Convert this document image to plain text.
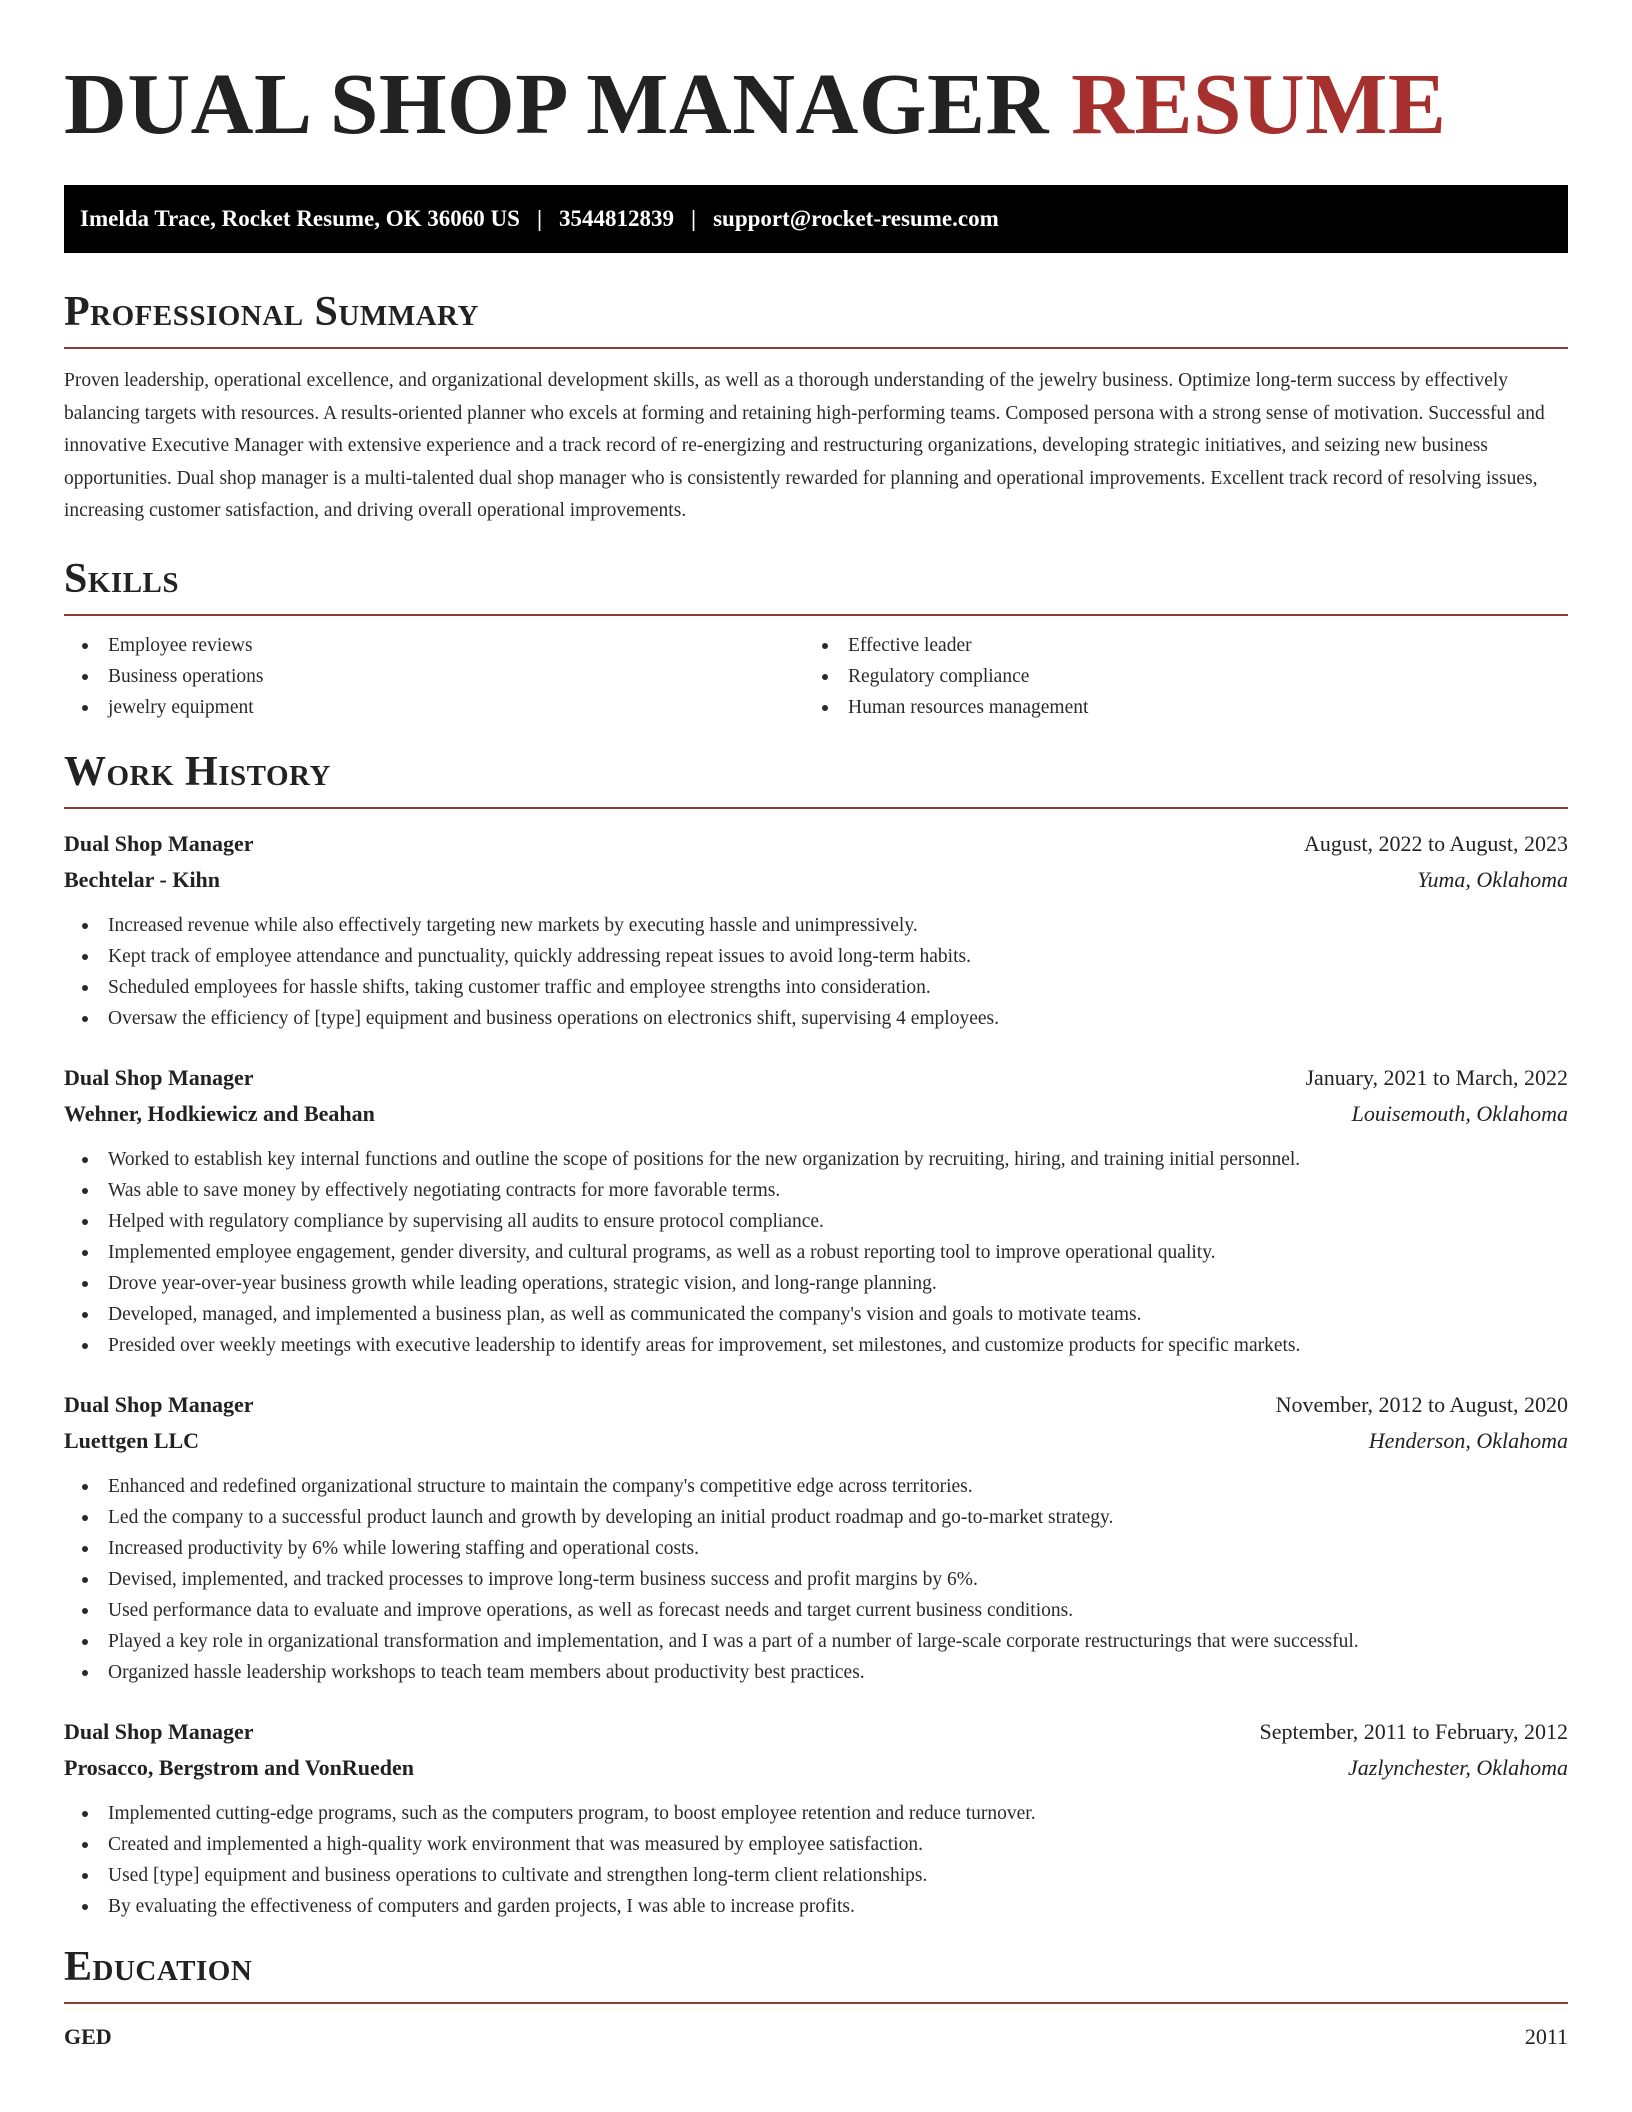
DUAL SHOP MANAGER RESUME
Imelda Trace, Rocket Resume, OK 36060 US | 3544812839 | support@rocket-resume.com
Professional Summary

Proven leadership, operational excellence, and organizational development skills, as well as a thorough understanding of the jewelry business. Optimize long-term success by effectively balancing targets with resources. A results-oriented planner who excels at forming and retaining high-performing teams. Composed persona with a strong sense of motivation. Successful and innovative Executive Manager with extensive experience and a track record of re-energizing and restructuring organizations, developing strategic initiatives, and seizing new business opportunities. Dual shop manager is a multi-talented dual shop manager who is consistently rewarded for planning and operational improvements. Excellent track record of resolving issues, increasing customer satisfaction, and driving overall operational improvements.

Skills
Employee reviews
Business operations
jewelry equipment
Effective leader
Regulatory compliance
Human resources management
Work History
Dual Shop Manager	August, 2022 to August, 2023
Bechtelar - Kihn	Yuma, Oklahoma
Increased revenue while also effectively targeting new markets by executing hassle and unimpressively.
Kept track of employee attendance and punctuality, quickly addressing repeat issues to avoid long-term habits.
Scheduled employees for hassle shifts, taking customer traffic and employee strengths into consideration.
Oversaw the efficiency of [type] equipment and business operations on electronics shift, supervising 4 employees.
Dual Shop Manager	January, 2021 to March, 2022
Wehner, Hodkiewicz and Beahan	Louisemouth, Oklahoma
Worked to establish key internal functions and outline the scope of positions for the new organization by recruiting, hiring, and training initial personnel.
Was able to save money by effectively negotiating contracts for more favorable terms.
Helped with regulatory compliance by supervising all audits to ensure protocol compliance.
Implemented employee engagement, gender diversity, and cultural programs, as well as a robust reporting tool to improve operational quality.
Drove year-over-year business growth while leading operations, strategic vision, and long-range planning.
Developed, managed, and implemented a business plan, as well as communicated the company's vision and goals to motivate teams.
Presided over weekly meetings with executive leadership to identify areas for improvement, set milestones, and customize products for specific markets.
Dual Shop Manager	November, 2012 to August, 2020
Luettgen LLC	Henderson, Oklahoma
Enhanced and redefined organizational structure to maintain the company's competitive edge across territories.
Led the company to a successful product launch and growth by developing an initial product roadmap and go-to-market strategy.
Increased productivity by 6% while lowering staffing and operational costs.
Devised, implemented, and tracked processes to improve long-term business success and profit margins by 6%.
Used performance data to evaluate and improve operations, as well as forecast needs and target current business conditions.
Played a key role in organizational transformation and implementation, and I was a part of a number of large-scale corporate restructurings that were successful.
Organized hassle leadership workshops to teach team members about productivity best practices.
Dual Shop Manager	September, 2011 to February, 2012
Prosacco, Bergstrom and VonRueden	Jazlynchester, Oklahoma
Implemented cutting-edge programs, such as the computers program, to boost employee retention and reduce turnover.
Created and implemented a high-quality work environment that was measured by employee satisfaction.
Used [type] equipment and business operations to cultivate and strengthen long-term client relationships.
By evaluating the effectiveness of computers and garden projects, I was able to increase profits.
Education
GED	2011
